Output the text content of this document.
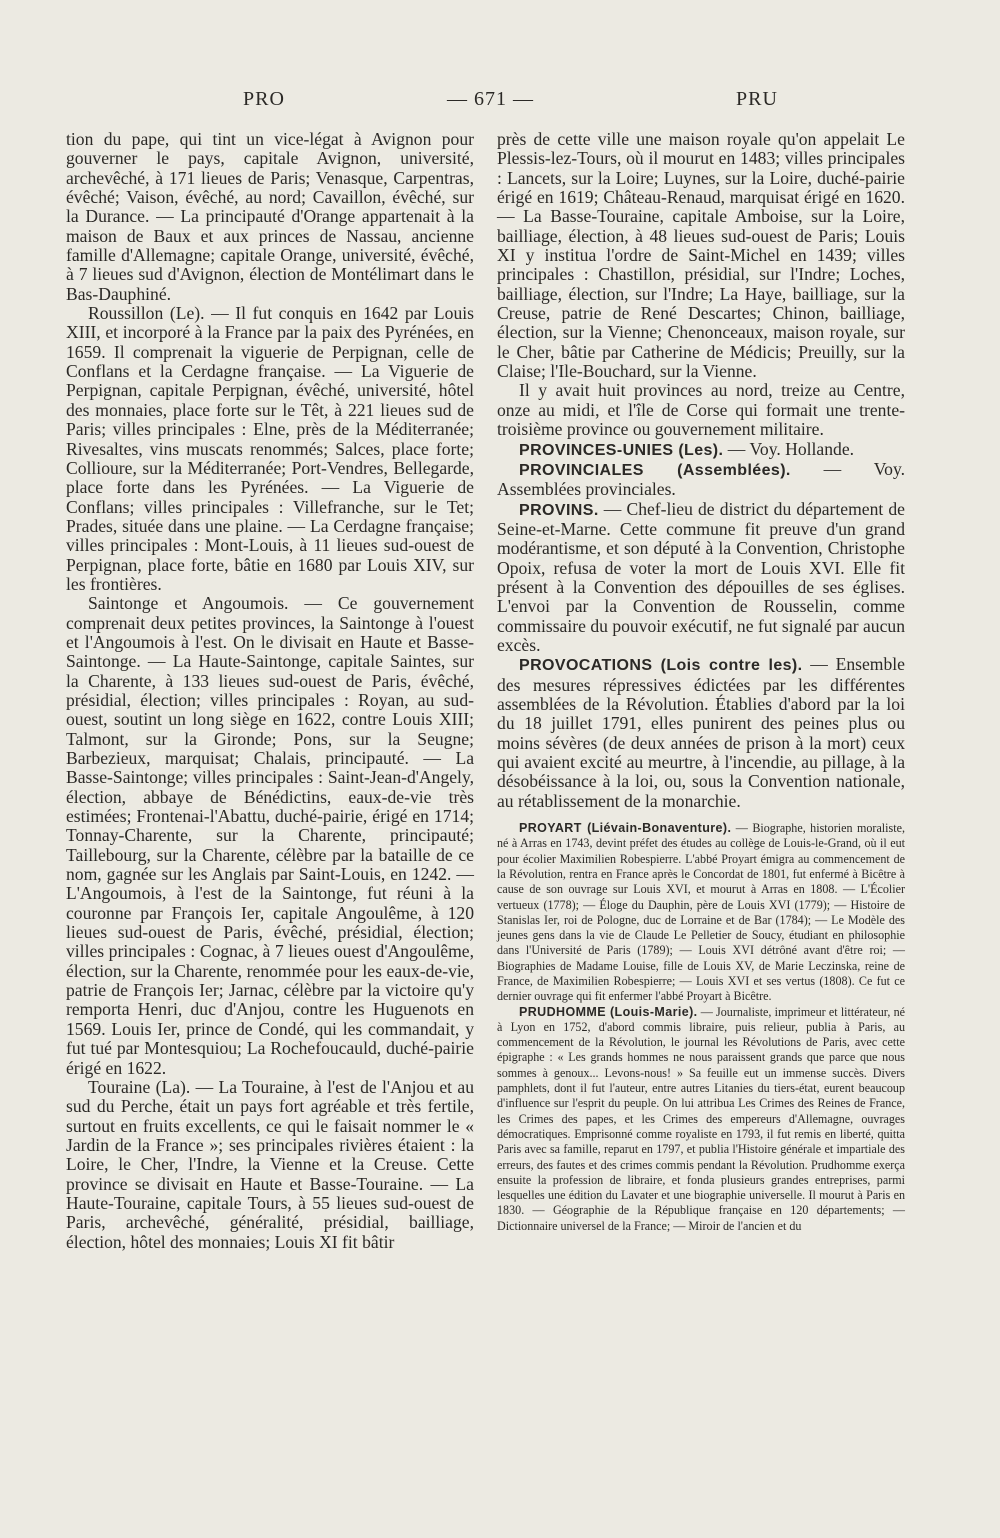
PRO	— 671 —	PRU

tion du pape, qui tint un vice-légat à Avignon pour gouverner le pays, capitale Avignon, université, archevêché, à 171 lieues de Paris; Venasque, Carpentras, évêché; Vaison, évêché, au nord; Cavaillon, évêché, sur la Durance. — La principauté d'Orange appartenait à la maison de Baux et aux princes de Nassau, ancienne famille d'Allemagne; capitale Orange, université, évêché, à 7 lieues sud d'Avignon, élection de Montélimart dans le Bas-Dauphiné.

Roussillon (Le). — Il fut conquis en 1642 par Louis XIII, et incorporé à la France par la paix des Pyrénées, en 1659. Il comprenait la viguerie de Perpignan, celle de Conflans et la Cerdagne française. — La Viguerie de Perpignan, capitale Perpignan, évêché, université, hôtel des monnaies, place forte sur le Têt, à 221 lieues sud de Paris; villes principales : Elne, près de la Méditerranée; Rivesaltes, vins muscats renommés; Salces, place forte; Collioure, sur la Méditerranée; Port-Vendres, Bellegarde, place forte dans les Pyrénées. — La Viguerie de Conflans; villes principales : Villefranche, sur le Tet; Prades, située dans une plaine. — La Cerdagne française; villes principales : Mont-Louis, à 11 lieues sud-ouest de Perpignan, place forte, bâtie en 1680 par Louis XIV, sur les frontières.

Saintonge et Angoumois. — Ce gouvernement comprenait deux petites provinces, la Saintonge à l'ouest et l'Angoumois à l'est. On le divisait en Haute et Basse-Saintonge. — La Haute-Saintonge, capitale Saintes, sur la Charente, à 133 lieues sud-ouest de Paris, évêché, présidial, élection; villes principales : Royan, au sud-ouest, soutint un long siège en 1622, contre Louis XIII; Talmont, sur la Gironde; Pons, sur la Seugne; Barbezieux, marquisat; Chalais, principauté. — La Basse-Saintonge; villes principales : Saint-Jean-d'Angely, élection, abbaye de Bénédictins, eaux-de-vie très estimées; Frontenai-l'Abattu, duché-pairie, érigé en 1714; Tonnay-Charente, sur la Charente, principauté; Taillebourg, sur la Charente, célèbre par la bataille de ce nom, gagnée sur les Anglais par Saint-Louis, en 1242. — L'Angoumois, à l'est de la Saintonge, fut réuni à la couronne par François Ier, capitale Angoulême, à 120 lieues sud-ouest de Paris, évêché, présidial, élection; villes principales : Cognac, à 7 lieues ouest d'Angoulême, élection, sur la Charente, renommée pour les eaux-de-vie, patrie de François Ier; Jarnac, célèbre par la victoire qu'y remporta Henri, duc d'Anjou, contre les Huguenots en 1569. Louis Ier, prince de Condé, qui les commandait, y fut tué par Montesquiou; La Rochefoucauld, duché-pairie érigé en 1622.

Touraine (La). — La Touraine, à l'est de l'Anjou et au sud du Perche, était un pays fort agréable et très fertile, surtout en fruits excellents, ce qui le faisait nommer le « Jardin de la France »; ses principales rivières étaient : la Loire, le Cher, l'Indre, la Vienne et la Creuse. Cette province se divisait en Haute et Basse-Touraine. — La Haute-Touraine, capitale Tours, à 55 lieues sud-ouest de Paris, archevêché, généralité, présidial, bailliage, élection, hôtel des monnaies; Louis XI fit bâtir

près de cette ville une maison royale qu'on appelait Le Plessis-lez-Tours, où il mourut en 1483; villes principales : Lancets, sur la Loire; Luynes, sur la Loire, duché-pairie érigé en 1619; Château-Renaud, marquisat érigé en 1620. — La Basse-Touraine, capitale Amboise, sur la Loire, bailliage, élection, à 48 lieues sud-ouest de Paris; Louis XI y institua l'ordre de Saint-Michel en 1439; villes principales : Chastillon, présidial, sur l'Indre; Loches, bailliage, élection, sur l'Indre; La Haye, bailliage, sur la Creuse, patrie de René Descartes; Chinon, bailliage, élection, sur la Vienne; Chenonceaux, maison royale, sur le Cher, bâtie par Catherine de Médicis; Preuilly, sur la Claise; l'Ile-Bouchard, sur la Vienne.

Il y avait huit provinces au nord, treize au Centre, onze au midi, et l'île de Corse qui formait une trente-troisième province ou gouvernement militaire.

PROVINCES-UNIES (Les). — Voy. Hollande.

PROVINCIALES (Assemblées). — Voy. Assemblées provinciales.

PROVINS. — Chef-lieu de district du département de Seine-et-Marne. Cette commune fit preuve d'un grand modérantisme, et son député à la Convention, Christophe Opoix, refusa de voter la mort de Louis XVI. Elle fit présent à la Convention des dépouilles de ses églises. L'envoi par la Convention de Rousselin, comme commissaire du pouvoir exécutif, ne fut signalé par aucun excès.

PROVOCATIONS (Lois contre les). — Ensemble des mesures répressives édictées par les différentes assemblées de la Révolution. Établies d'abord par la loi du 18 juillet 1791, elles punirent des peines plus ou moins sévères (de deux années de prison à la mort) ceux qui avaient excité au meurtre, à l'incendie, au pillage, à la désobéissance à la loi, ou, sous la Convention nationale, au rétablissement de la monarchie.

PROYART (Liévain-Bonaventure). — Biographe, historien moraliste, né à Arras en 1743, devint préfet des études au collège de Louis-le-Grand, où il eut pour écolier Maximilien Robespierre. L'abbé Proyart émigra au commencement de la Révolution, rentra en France après le Concordat de 1801, fut enfermé à Bicêtre à cause de son ouvrage sur Louis XVI, et mourut à Arras en 1808. — L'Écolier vertueux (1778); — Éloge du Dauphin, père de Louis XVI (1779); — Histoire de Stanislas Ier, roi de Pologne, duc de Lorraine et de Bar (1784); — Le Modèle des jeunes gens dans la vie de Claude Le Pelletier de Soucy, étudiant en philosophie dans l'Université de Paris (1789); — Louis XVI détrôné avant d'être roi; — Biographies de Madame Louise, fille de Louis XV, de Marie Leczinska, reine de France, de Maximilien Robespierre; — Louis XVI et ses vertus (1808). Ce fut ce dernier ouvrage qui fit enfermer l'abbé Proyart à Bicêtre.

PRUDHOMME (Louis-Marie). — Journaliste, imprimeur et littérateur, né à Lyon en 1752, d'abord commis libraire, puis relieur, publia à Paris, au commencement de la Révolution, le journal les Révolutions de Paris, avec cette épigraphe : « Les grands hommes ne nous paraissent grands que parce que nous sommes à genoux... Levons-nous! » Sa feuille eut un immense succès. Divers pamphlets, dont il fut l'auteur, entre autres Litanies du tiers-état, eurent beaucoup d'influence sur l'esprit du peuple. On lui attribua Les Crimes des Reines de France, les Crimes des papes, et les Crimes des empereurs d'Allemagne, ouvrages démocratiques. Emprisonné comme royaliste en 1793, il fut remis en liberté, quitta Paris avec sa famille, reparut en 1797, et publia l'Histoire générale et impartiale des erreurs, des fautes et des crimes commis pendant la Révolution. Prudhomme exerça ensuite la profession de libraire, et fonda plusieurs grandes entreprises, parmi lesquelles une édition du Lavater et une biographie universelle. Il mourut à Paris en 1830. — Géographie de la République française en 120 départements; — Dictionnaire universel de la France; — Miroir de l'ancien et du
